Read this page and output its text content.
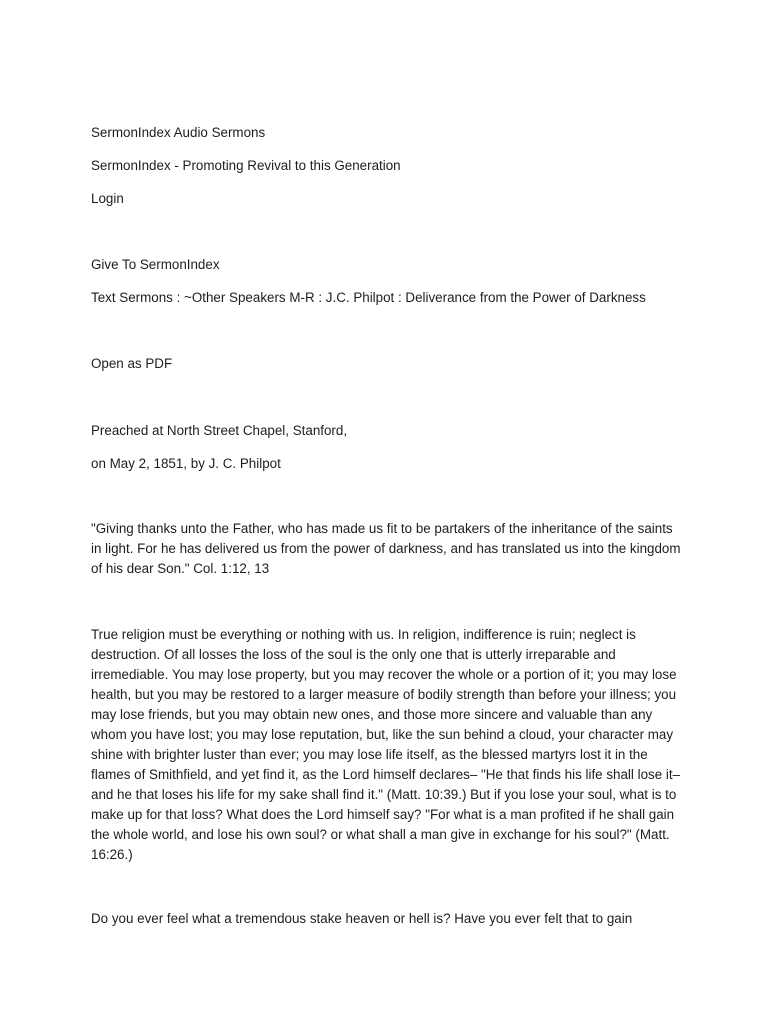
SermonIndex Audio Sermons
SermonIndex - Promoting Revival to this Generation
Login
Give To SermonIndex
Text Sermons : ~Other Speakers M-R : J.C. Philpot : Deliverance from the Power of Darkness
Open as PDF
Preached at North Street Chapel, Stanford,
on May 2, 1851, by J. C. Philpot

"Giving thanks unto the Father, who has made us fit to be partakers of the inheritance of the saints in light. For he has delivered us from the power of darkness, and has translated us into the kingdom of his dear Son." Col. 1:12, 13

True religion must be everything or nothing with us. In religion, indifference is ruin; neglect is destruction. Of all losses the loss of the soul is the only one that is utterly irreparable and irremediable. You may lose property, but you may recover the whole or a portion of it; you may lose health, but you may be restored to a larger measure of bodily strength than before your illness; you may lose friends, but you may obtain new ones, and those more sincere and valuable than any whom you have lost; you may lose reputation, but, like the sun behind a cloud, your character may shine with brighter luster than ever; you may lose life itself, as the blessed martyrs lost it in the flames of Smithfield, and yet find it, as the Lord himself declares– "He that finds his life shall lose it– and he that loses his life for my sake shall find it." (Matt. 10:39.) But if you lose your soul, what is to make up for that loss? What does the Lord himself say? "For what is a man profited if he shall gain the whole world, and lose his own soul? or what shall a man give in exchange for his soul?" (Matt. 16:26.)

Do you ever feel what a tremendous stake heaven or hell is? Have you ever felt that to gain
